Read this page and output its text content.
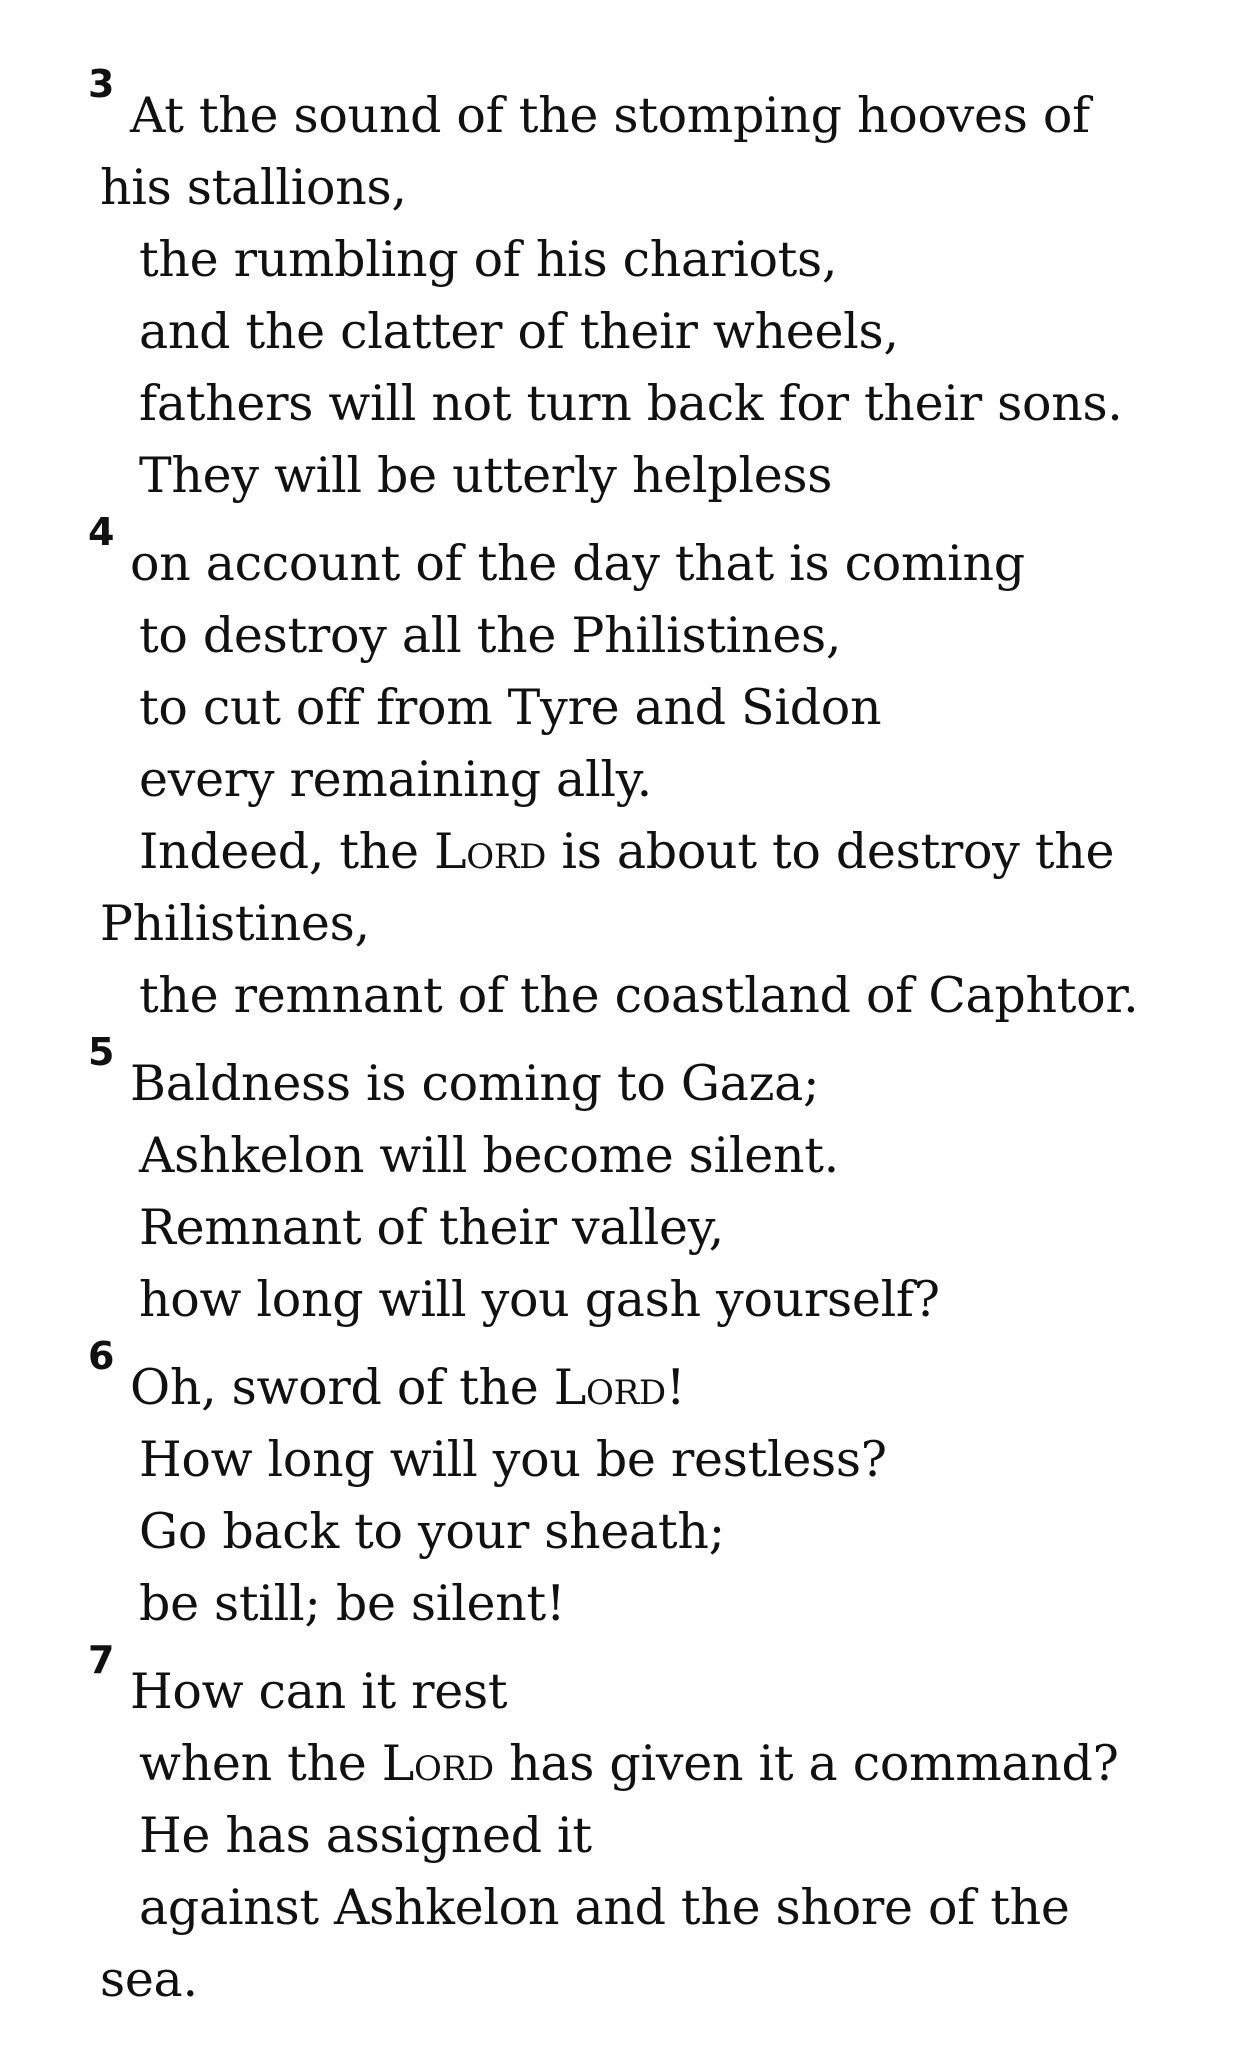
3
At the sound of the stomping hooves of
his stallions,
the rumbling of his chariots,
and the clatter of their wheels,
fathers will not turn back for their sons.
They will be utterly helpless
4
on account of the day that is coming
to destroy all the Philistines,
to cut off from Tyre and Sidon
every remaining ally.
Indeed, the Lord is about to destroy the
Philistines,
the remnant of the coastland of Caphtor.
5
Baldness is coming to Gaza;
Ashkelon will become silent.
Remnant of their valley,
how long will you gash yourself?
6
Oh, sword of the Lord!
How long will you be restless?
Go back to your sheath;
be still; be silent!
7
How can it rest
when the Lord has given it a command?
He has assigned it
against Ashkelon and the shore of the
sea.
